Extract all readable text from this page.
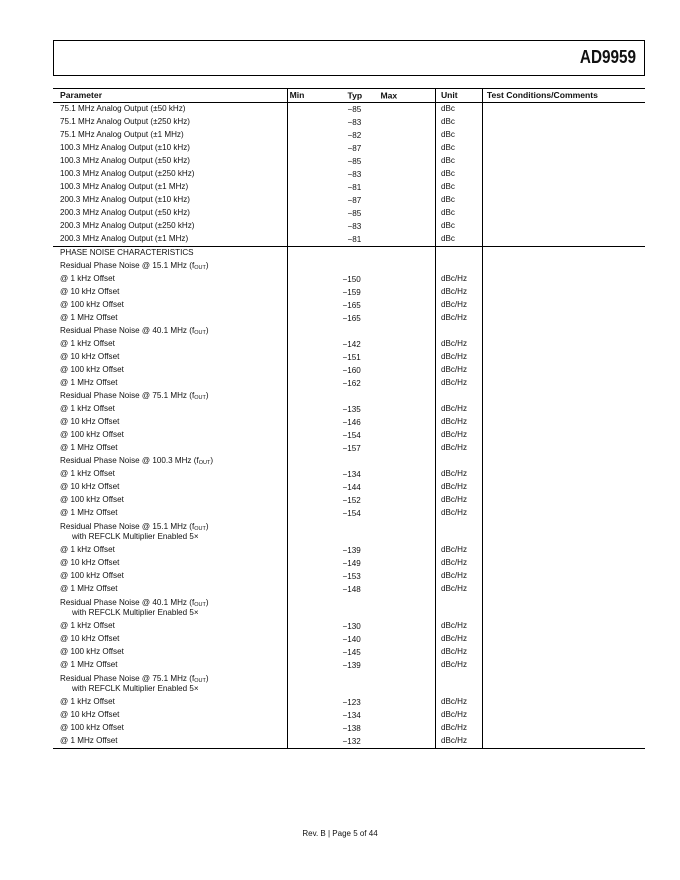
AD9959
Parameter	Min	Typ Max	Unit	Test Conditions/Comments
75.1 MHz Analog Output (±50 kHz)		−85	dBc	
75.1 MHz Analog Output (±250 kHz)		−83	dBc	
75.1 MHz Analog Output (±1 MHz)		−82	dBc	
100.3 MHz Analog Output (±10 kHz)		−87	dBc	
100.3 MHz Analog Output (±50 kHz)		−85	dBc	
100.3 MHz Analog Output (±250 kHz)		−83	dBc	
100.3 MHz Analog Output (±1 MHz)		−81	dBc	
200.3 MHz Analog Output (±10 kHz)		−87	dBc	
200.3 MHz Analog Output (±50 kHz)		−85	dBc	
200.3 MHz Analog Output (±250 kHz)		−83	dBc	
200.3 MHz Analog Output (±1 MHz)		−81	dBc	
PHASE NOISE CHARACTERISTICS				
Residual Phase Noise @ 15.1 MHz (fOUT)				
@ 1 kHz Offset		−150	dBc/Hz	
@ 10 kHz Offset		−159	dBc/Hz	
@ 100 kHz Offset		−165	dBc/Hz	
@ 1 MHz Offset		−165	dBc/Hz	
Residual Phase Noise @ 40.1 MHz (fOUT)				
@ 1 kHz Offset		−142	dBc/Hz	
@ 10 kHz Offset		−151	dBc/Hz	
@ 100 kHz Offset		−160	dBc/Hz	
@ 1 MHz Offset		−162	dBc/Hz	
Residual Phase Noise @ 75.1 MHz (fOUT)				
@ 1 kHz Offset		−135	dBc/Hz	
@ 10 kHz Offset		−146	dBc/Hz	
@ 100 kHz Offset		−154	dBc/Hz	
@ 1 MHz Offset		−157	dBc/Hz	
Residual Phase Noise @ 100.3 MHz (fOUT)				
@ 1 kHz Offset		−134	dBc/Hz	
@ 10 kHz Offset		−144	dBc/Hz	
@ 100 kHz Offset		−152	dBc/Hz	
@ 1 MHz Offset		−154	dBc/Hz	
Residual Phase Noise @ 15.1 MHz (fOUT)
with REFCLK Multiplier Enabled 5×				
@ 1 kHz Offset		−139	dBc/Hz	
@ 10 kHz Offset		−149	dBc/Hz	
@ 100 kHz Offset		−153	dBc/Hz	
@ 1 MHz Offset		−148	dBc/Hz	
Residual Phase Noise @ 40.1 MHz (fOUT)
with REFCLK Multiplier Enabled 5×				
@ 1 kHz Offset		−130	dBc/Hz	
@ 10 kHz Offset		−140	dBc/Hz	
@ 100 kHz Offset		−145	dBc/Hz	
@ 1 MHz Offset		−139	dBc/Hz	
Residual Phase Noise @ 75.1 MHz (fOUT)
with REFCLK Multiplier Enabled 5×				
@ 1 kHz Offset		−123	dBc/Hz	
@ 10 kHz Offset		−134	dBc/Hz	
@ 100 kHz Offset		−138	dBc/Hz	
@ 1 MHz Offset		−132	dBc/Hz	
Rev. B | Page 5 of 44
